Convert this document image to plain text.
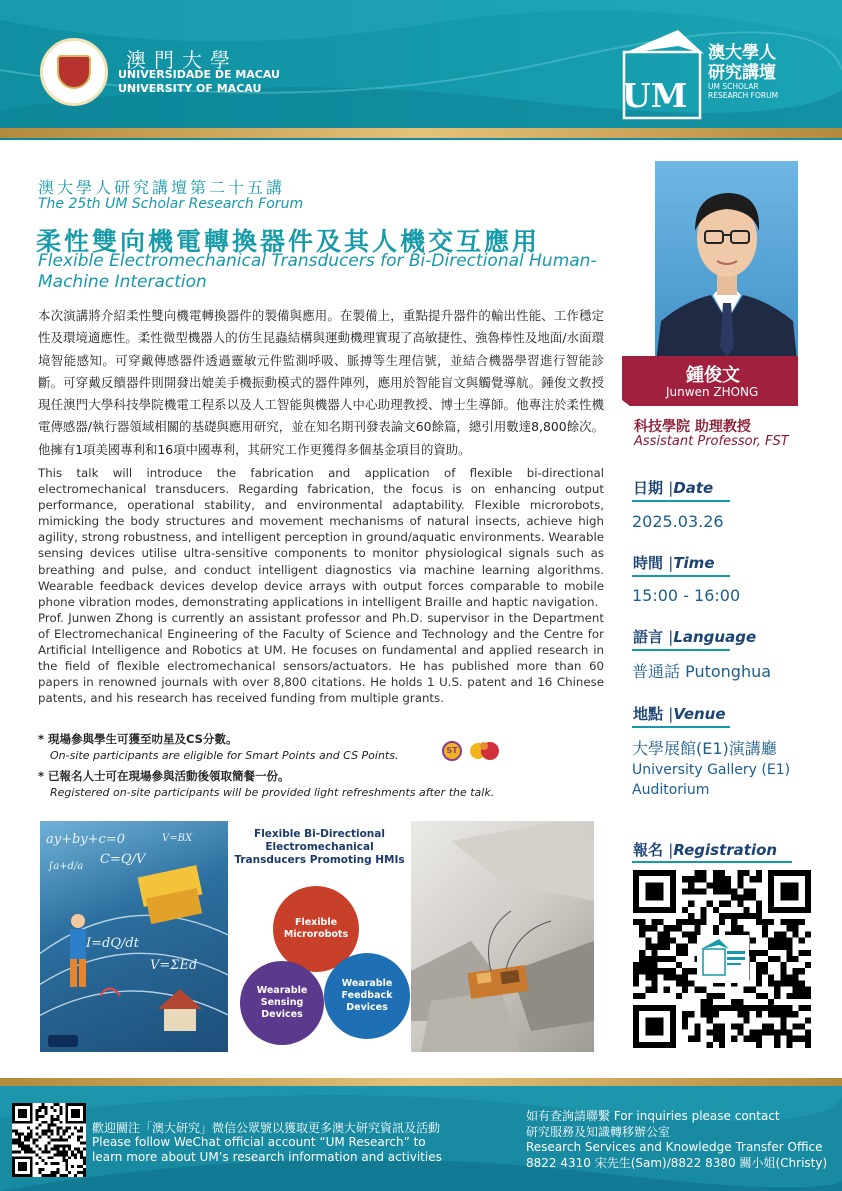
澳門大學
UNIVERSIDADE DE MACAU
UNIVERSITY OF MACAU	UM
澳大學人
研究講壇
UM SCHOLAR RESEARCH FORUM
澳大學人研究講壇第二十五講
The 25th UM Scholar Research Forum
柔性雙向機電轉換器件及其人機交互應用
Flexible Electromechanical Transducers for Bi-Directional Human-Machine Interaction
本次演講將介紹柔性雙向機電轉換器件的製備與應用。在製備上，重點提升器件的輸出性能、工作穩定性及環境適應性。柔性微型機器人的仿生昆蟲結構與運動機理實現了高敏捷性、強魯棒性及地面/水面環境智能感知。可穿戴傳感器件透過靈敏元件監測呼吸、脈搏等生理信號，並結合機器學習進行智能診斷。可穿戴反饋器件則開發出媲美手機振動模式的器件陣列，應用於智能盲文與觸覺導航。鍾俊文教授現任澳門大學科技學院機電工程系以及人工智能與機器人中心助理教授、博士生導師。他專注於柔性機電傳感器/執行器領域相關的基礎與應用研究，並在知名期刊發表論文60餘篇，總引用數達8,800餘次。他擁有1項美國專利和16項中國專利，其研究工作更獲得多個基金項目的資助。
This talk will introduce the fabrication and application of flexible bi-directional electromechanical transducers. Regarding fabrication, the focus is on enhancing output performance, operational stability, and environmental adaptability. Flexible microrobots, mimicking the body structures and movement mechanisms of natural insects, achieve high agility, strong robustness, and intelligent perception in ground/aquatic environments. Wearable sensing devices utilise ultra-sensitive components to monitor physiological signals such as breathing and pulse, and conduct intelligent diagnostics via machine learning algorithms. Wearable feedback devices develop device arrays with output forces comparable to mobile phone vibration modes, demonstrating applications in intelligent Braille and haptic navigation.
Prof. Junwen Zhong is currently an assistant professor and Ph.D. supervisor in the Department of Electromechanical Engineering of the Faculty of Science and Technology and the Centre for Artificial Intelligence and Robotics at UM. He focuses on fundamental and applied research in the field of flexible electromechanical sensors/actuators. He has published more than 60 papers in renowned journals with over 8,800 citations. He holds 1 U.S. patent and 16 Chinese patents, and his research has received funding from multiple grants.
* 現場參與學生可獲至叻星及CS分數。
On-site participants are eligible for Smart Points and CS Points.
* 已報名人士可在現場參與活動後領取簡餐一份。
Registered on-site participants will be provided light refreshments after the talk.
ST
ay+by+c=0
C=Q/V
I=dQ/dt
V=ΣEd
∫a+d/a
V=BX	Flexible Bi-Directional Electromechanical Transducers Promoting HMIs
Flexible Microrobots
Wearable Sensing Devices
Wearable Feedback Devices
鍾俊文
Junwen ZHONG
科技學院 助理教授
Assistant Professor, FST
日期 |Date
2025.03.26
時間 |Time
15:00 - 16:00
語言 |Language
普通話 Putonghua
地點 |Venue
大學展館(E1)演講廳
University Gallery (E1)
Auditorium
報名 |Registration
歡迎關注「澳大研究」微信公眾號以獲取更多澳大研究資訊及活動
Please follow WeChat official account “UM Research” to
learn more about UM’s research information and activities
如有查詢請聯繫 For inquiries please contact
研究服務及知識轉移辦公室
Research Services and Knowledge Transfer Office
8822 4310 宋先生(Sam)/8822 8380 關小姐(Christy)
